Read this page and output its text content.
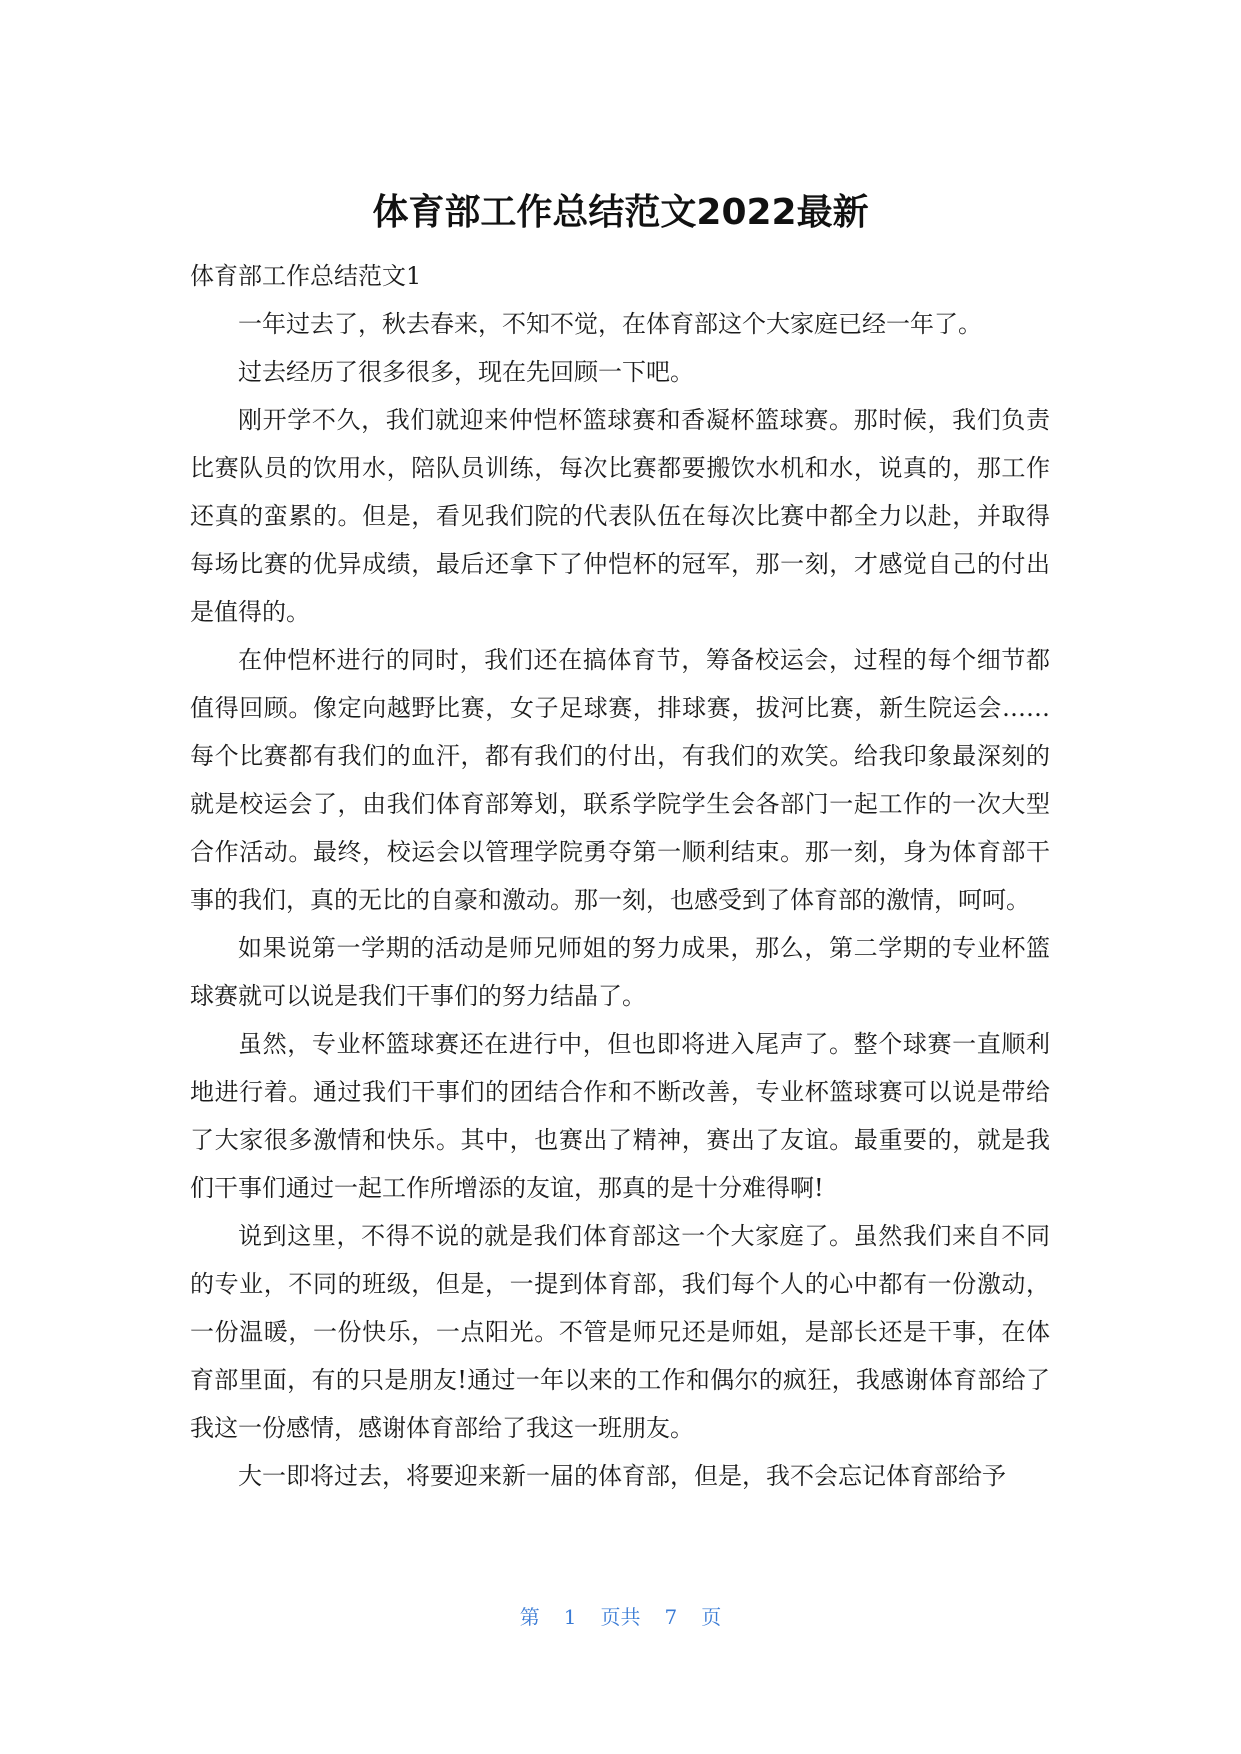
体育部工作总结范文2022最新

体育部工作总结范文1

一年过去了，秋去春来，不知不觉，在体育部这个大家庭已经一年了。

过去经历了很多很多，现在先回顾一下吧。

刚开学不久，我们就迎来仲恺杯篮球赛和香凝杯篮球赛。那时候，我们负责比赛队员的饮用水，陪队员训练，每次比赛都要搬饮水机和水，说真的，那工作还真的蛮累的。但是，看见我们院的代表队伍在每次比赛中都全力以赴，并取得每场比赛的优异成绩，最后还拿下了仲恺杯的冠军，那一刻，才感觉自己的付出是值得的。

在仲恺杯进行的同时，我们还在搞体育节，筹备校运会，过程的每个细节都值得回顾。像定向越野比赛，女子足球赛，排球赛，拔河比赛，新生院运会……每个比赛都有我们的血汗，都有我们的付出，有我们的欢笑。给我印象最深刻的就是校运会了，由我们体育部筹划，联系学院学生会各部门一起工作的一次大型合作活动。最终，校运会以管理学院勇夺第一顺利结束。那一刻，身为体育部干事的我们，真的无比的自豪和激动。那一刻，也感受到了体育部的激情，呵呵。

如果说第一学期的活动是师兄师姐的努力成果，那么，第二学期的专业杯篮球赛就可以说是我们干事们的努力结晶了。

虽然，专业杯篮球赛还在进行中，但也即将进入尾声了。整个球赛一直顺利地进行着。通过我们干事们的团结合作和不断改善，专业杯篮球赛可以说是带给了大家很多激情和快乐。其中，也赛出了精神，赛出了友谊。最重要的，就是我们干事们通过一起工作所增添的友谊，那真的是十分难得啊!

说到这里，不得不说的就是我们体育部这一个大家庭了。虽然我们来自不同的专业，不同的班级，但是，一提到体育部，我们每个人的心中都有一份激动，一份温暖，一份快乐，一点阳光。不管是师兄还是师姐，是部长还是干事，在体育部里面，有的只是朋友!通过一年以来的工作和偶尔的疯狂，我感谢体育部给了我这一份感情，感谢体育部给了我这一班朋友。

大一即将过去，将要迎来新一届的体育部，但是，我不会忘记体育部给予

第 1 页共 7 页
